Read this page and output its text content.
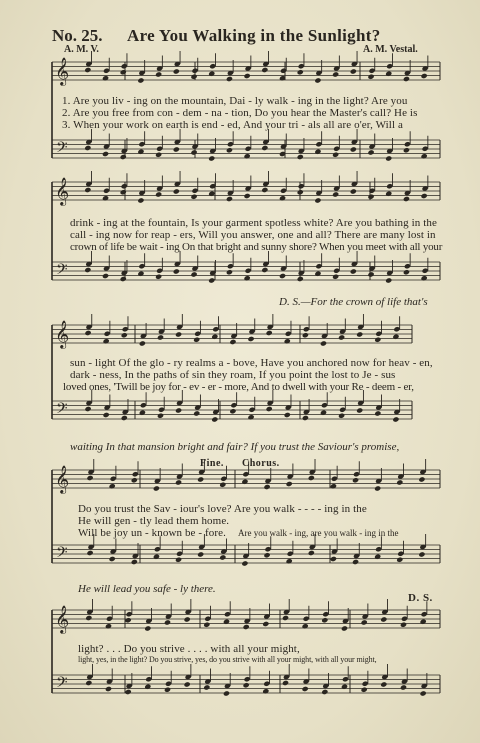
No. 25. Are You Walking in the Sunlight?
A. M. V.	A. M. Vestal.
𝄞
𝄢
𝄞
𝄢
𝄞
𝄢
𝄞
𝄢
𝄞
𝄢
1. Are you liv - ing on the mountain, Dai - ly walk - ing in the light? Are you
2. Are you free from con - dem - na - tion, Do you hear the Master's call? He is
3. When your work on earth is end - ed, And your tri - als all are o'er, Will a
drink - ing at the fountain, Is your garment spotless white? Are you bathing in the
call - ing now for reap - ers, Will you answer, one and all? There are many lost in
crown of life be wait - ing On that bright and sunny shore? When you meet with all your
D. S.—For the crown of life that's
sun - light Of the glo - ry realms a - bove, Have you anchored now for heav - en,
dark - ness, In the paths of sin they roam, If you point the lost to Je - sus
loved ones, 'Twill be joy for - ev - er - more, And to dwell with your Re - deem - er,
waiting In that mansion bright and fair? If you trust the Saviour's promise,
Fine. Chorus.
Do you trust the Sav - iour's love? Are you walk - - - - ing in the
He will gen - tly lead them home.
Will be joy un - known be - fore. Are you walk - ing, are you walk - ing in the
He will lead you safe - ly there.
D. S.
light? . . . Do you strive . . . . with all your might,
light, yes, in the light? Do you strive, yes, do you strive with all your might, with all your might,
